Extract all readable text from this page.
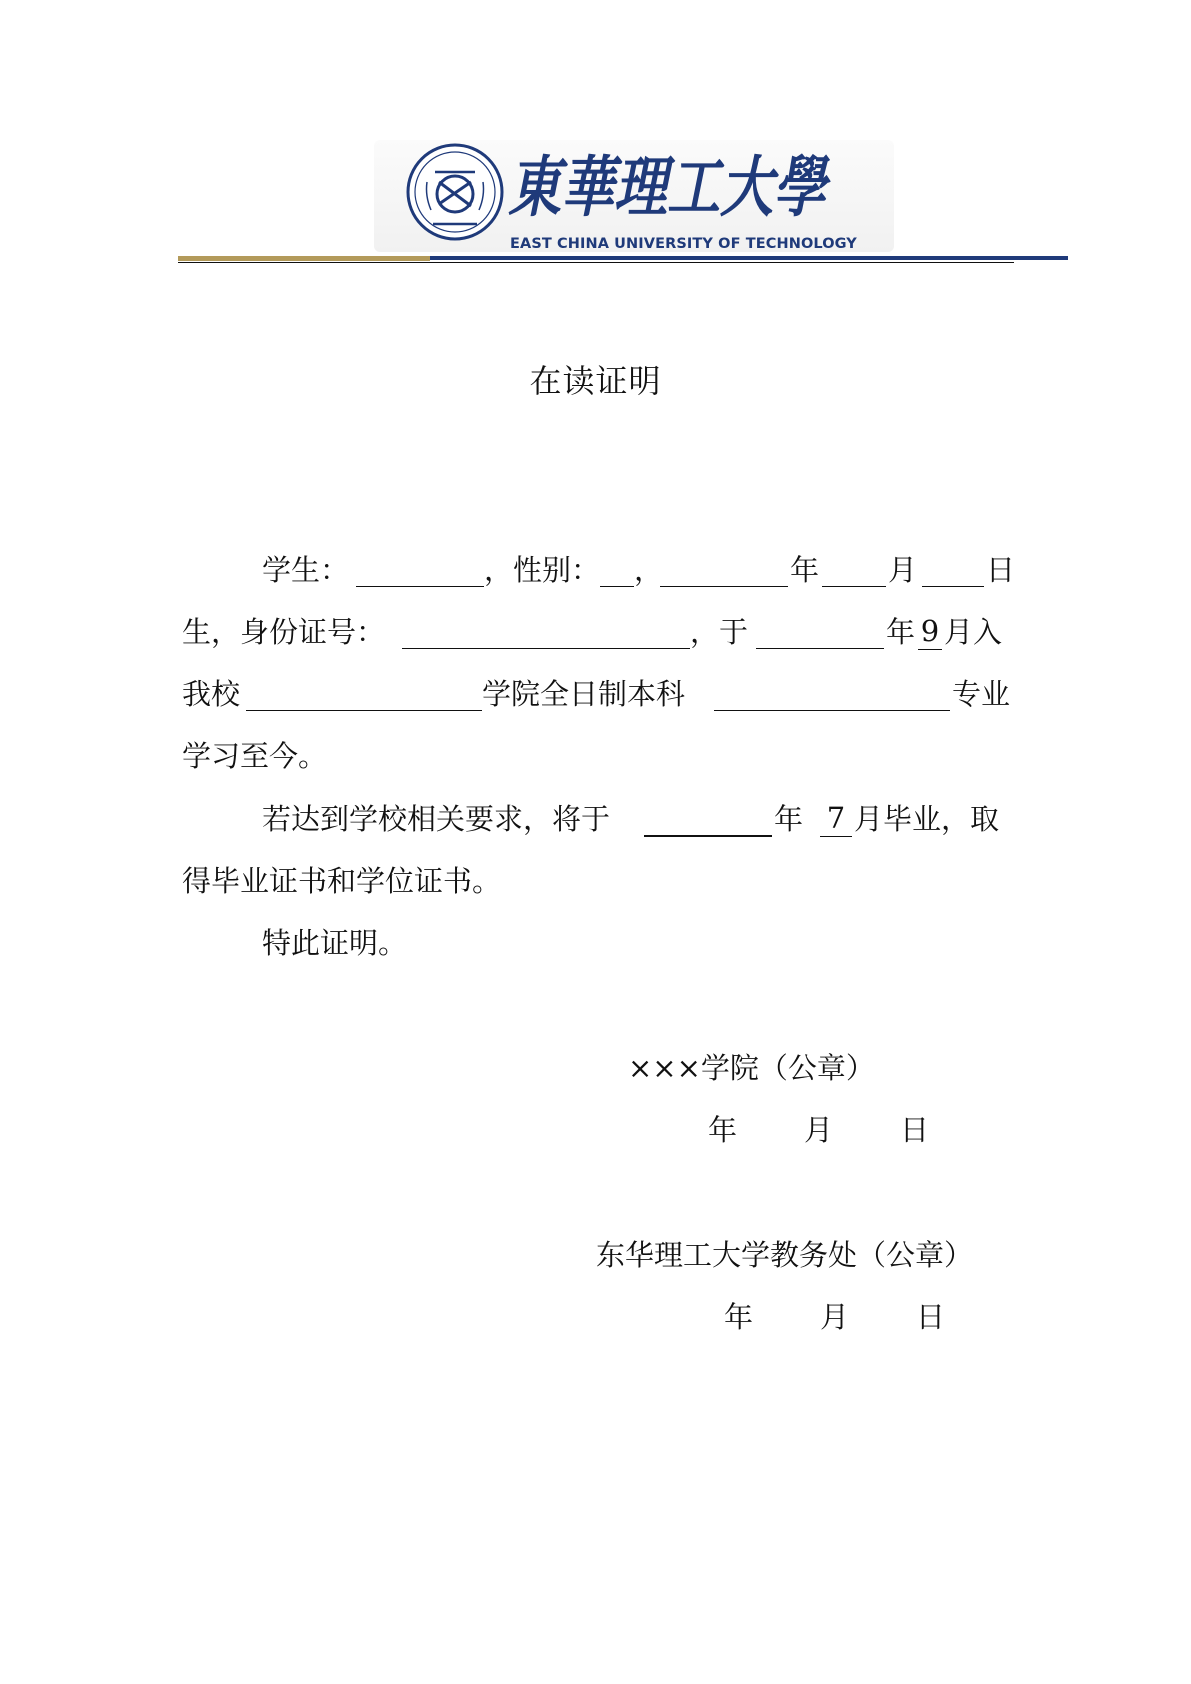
東華理工大學
EAST CHINA UNIVERSITY OF TECHNOLOGY
在读证明
学生：	，性别： ，	年 月 日
生，身份证号：	，于	年 9 月入
我校	学院全日制本科	专业
学习至今。
若达到学校相关要求，将于	年 7 月毕业，取
得毕业证书和学位证书。
特此证明。
×××学院（公章）
年 月 日
东华理工大学教务处（公章）
年 月 日
